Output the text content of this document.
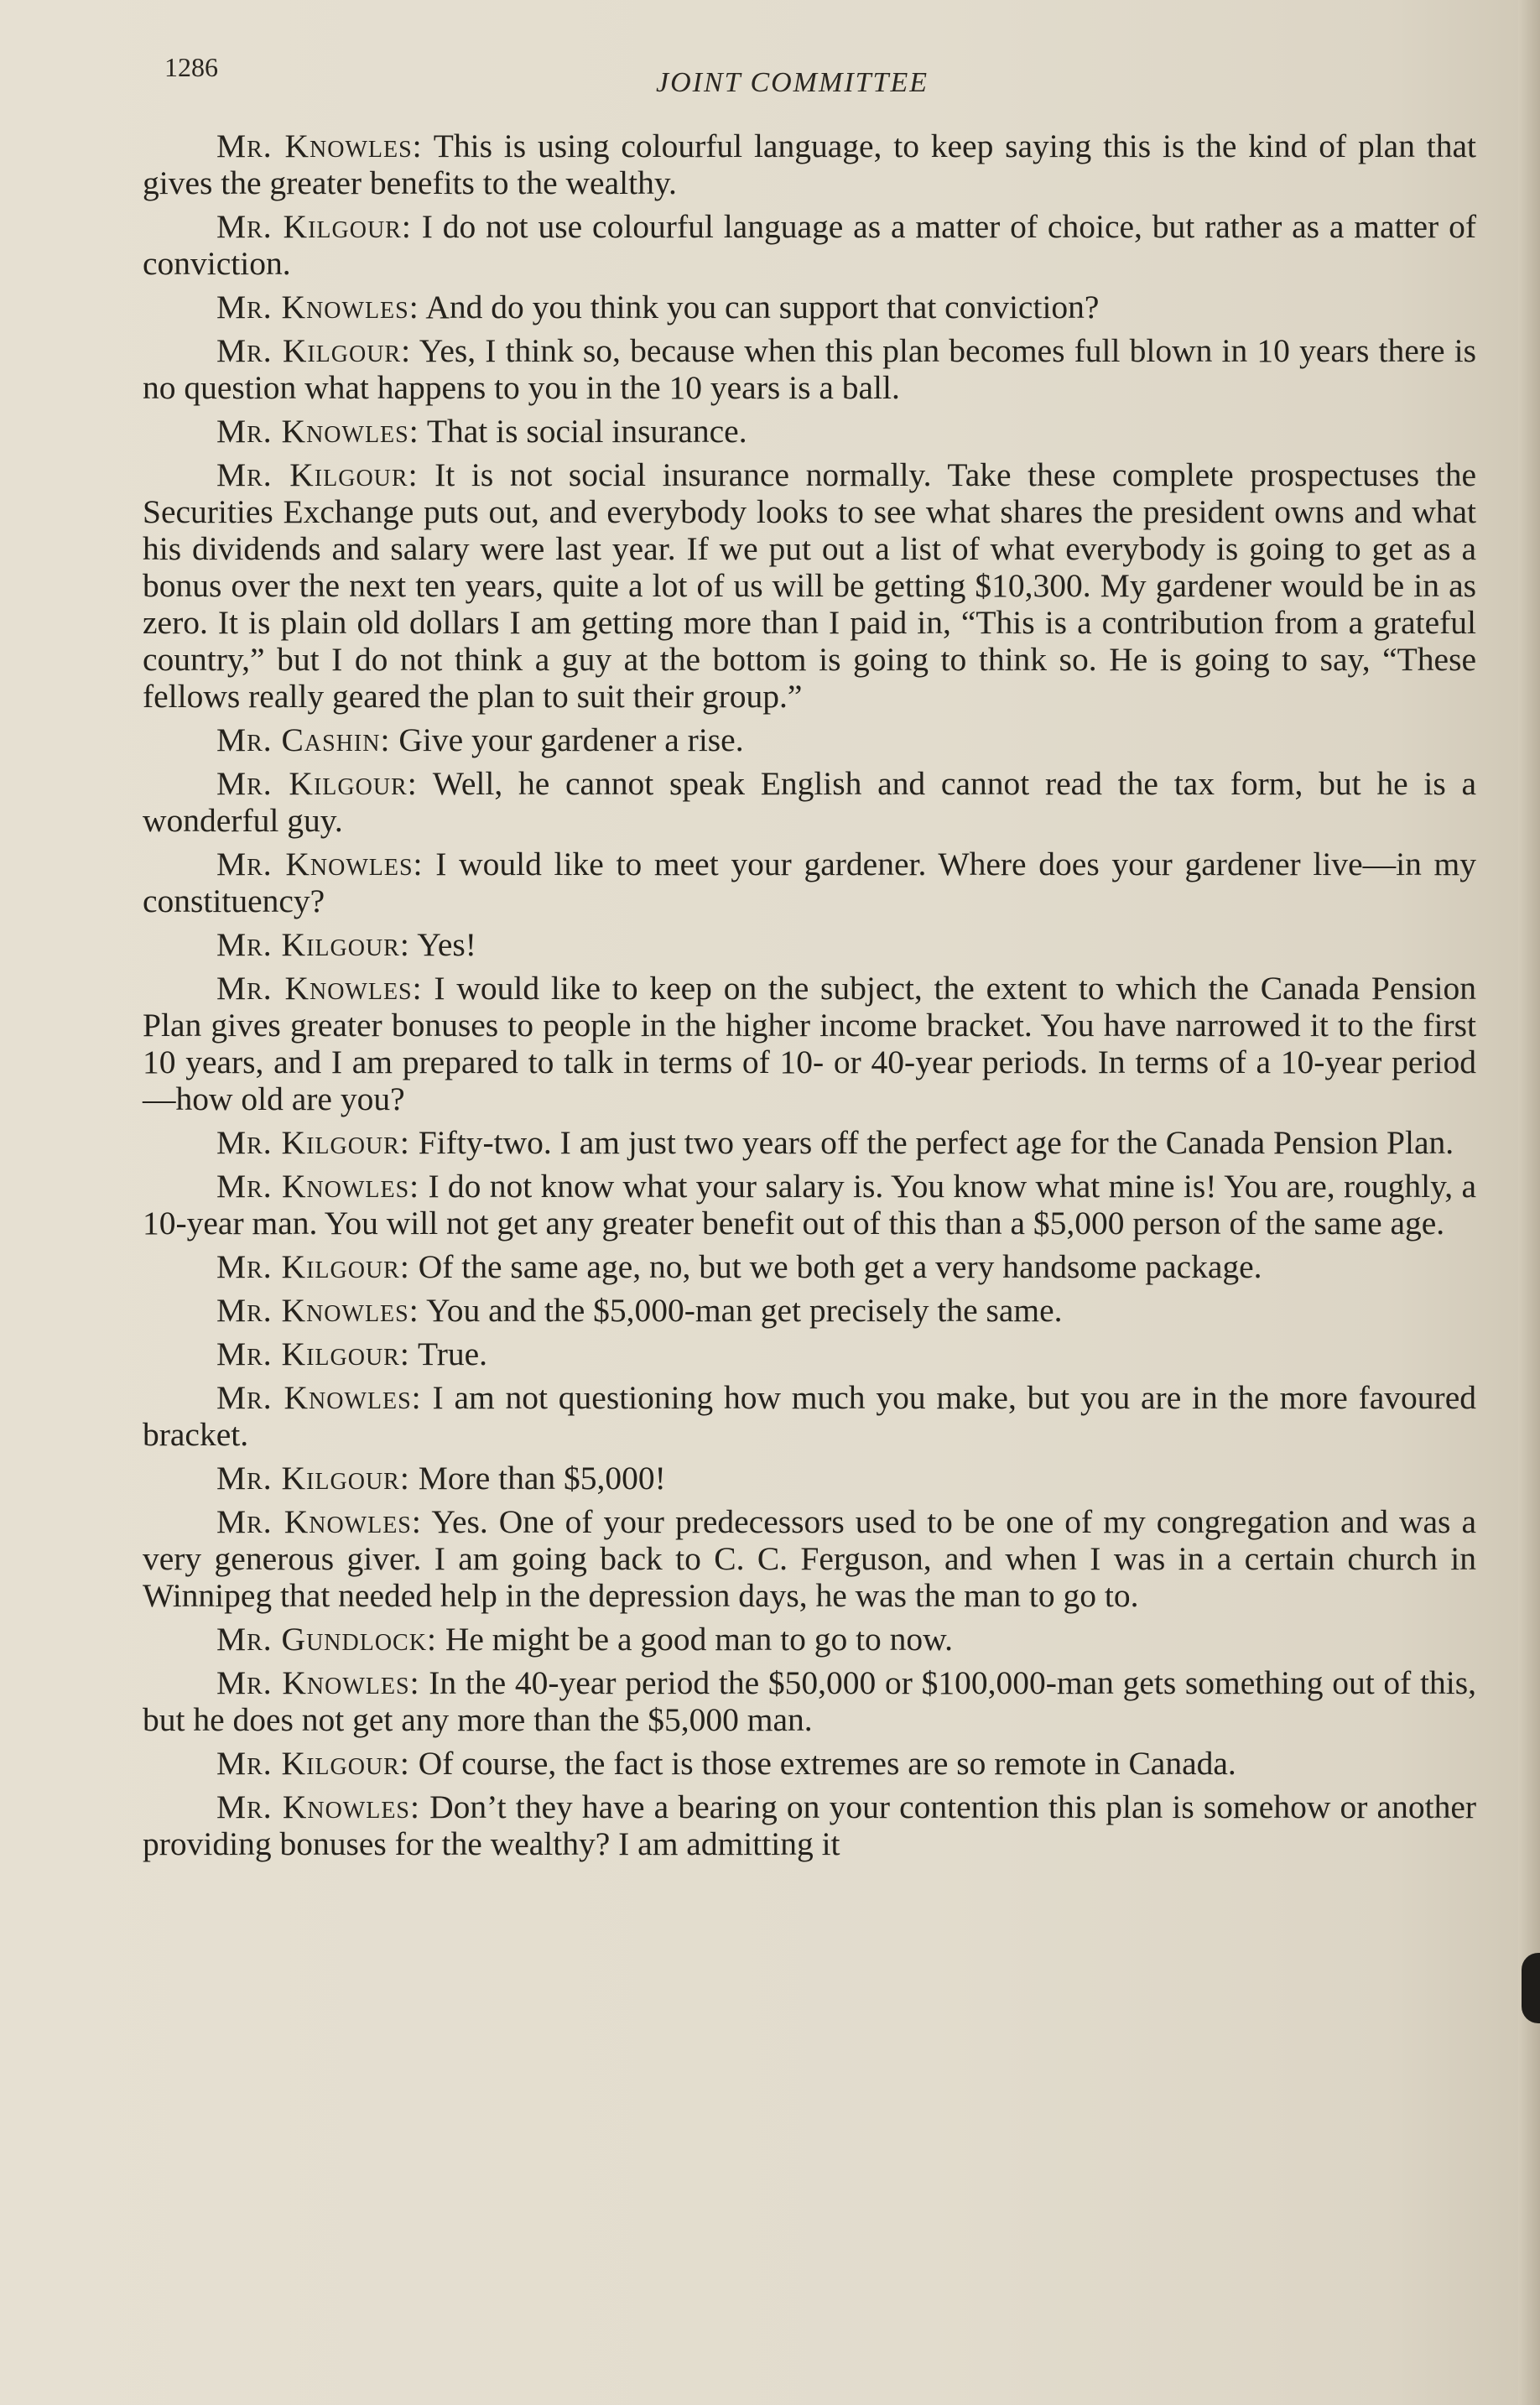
1286	JOINT COMMITTEE

Mr. Knowles: This is using colourful language, to keep saying this is the kind of plan that gives the greater benefits to the wealthy.

Mr. Kilgour: I do not use colourful language as a matter of choice, but rather as a matter of conviction.

Mr. Knowles: And do you think you can support that conviction?

Mr. Kilgour: Yes, I think so, because when this plan becomes full blown in 10 years there is no question what happens to you in the 10 years is a ball.

Mr. Knowles: That is social insurance.

Mr. Kilgour: It is not social insurance normally. Take these complete prospectuses the Securities Exchange puts out, and everybody looks to see what shares the president owns and what his dividends and salary were last year. If we put out a list of what everybody is going to get as a bonus over the next ten years, quite a lot of us will be getting $10,300. My gardener would be in as zero. It is plain old dollars I am getting more than I paid in, “This is a contribution from a grateful country,” but I do not think a guy at the bottom is going to think so. He is going to say, “These fellows really geared the plan to suit their group.”

Mr. Cashin: Give your gardener a rise.

Mr. Kilgour: Well, he cannot speak English and cannot read the tax form, but he is a wonderful guy.

Mr. Knowles: I would like to meet your gardener. Where does your gardener live—in my constituency?

Mr. Kilgour: Yes!

Mr. Knowles: I would like to keep on the subject, the extent to which the Canada Pension Plan gives greater bonuses to people in the higher income bracket. You have narrowed it to the first 10 years, and I am prepared to talk in terms of 10- or 40-year periods. In terms of a 10-year period—how old are you?

Mr. Kilgour: Fifty-two. I am just two years off the perfect age for the Canada Pension Plan.

Mr. Knowles: I do not know what your salary is. You know what mine is! You are, roughly, a 10-year man. You will not get any greater benefit out of this than a $5,000 person of the same age.

Mr. Kilgour: Of the same age, no, but we both get a very handsome package.

Mr. Knowles: You and the $5,000-man get precisely the same.

Mr. Kilgour: True.

Mr. Knowles: I am not questioning how much you make, but you are in the more favoured bracket.

Mr. Kilgour: More than $5,000!

Mr. Knowles: Yes. One of your predecessors used to be one of my congregation and was a very generous giver. I am going back to C. C. Ferguson, and when I was in a certain church in Winnipeg that needed help in the depression days, he was the man to go to.

Mr. Gundlock: He might be a good man to go to now.

Mr. Knowles: In the 40-year period the $50,000 or $100,000-man gets something out of this, but he does not get any more than the $5,000 man.

Mr. Kilgour: Of course, the fact is those extremes are so remote in Canada.

Mr. Knowles: Don’t they have a bearing on your contention this plan is somehow or another providing bonuses for the wealthy? I am admitting it
